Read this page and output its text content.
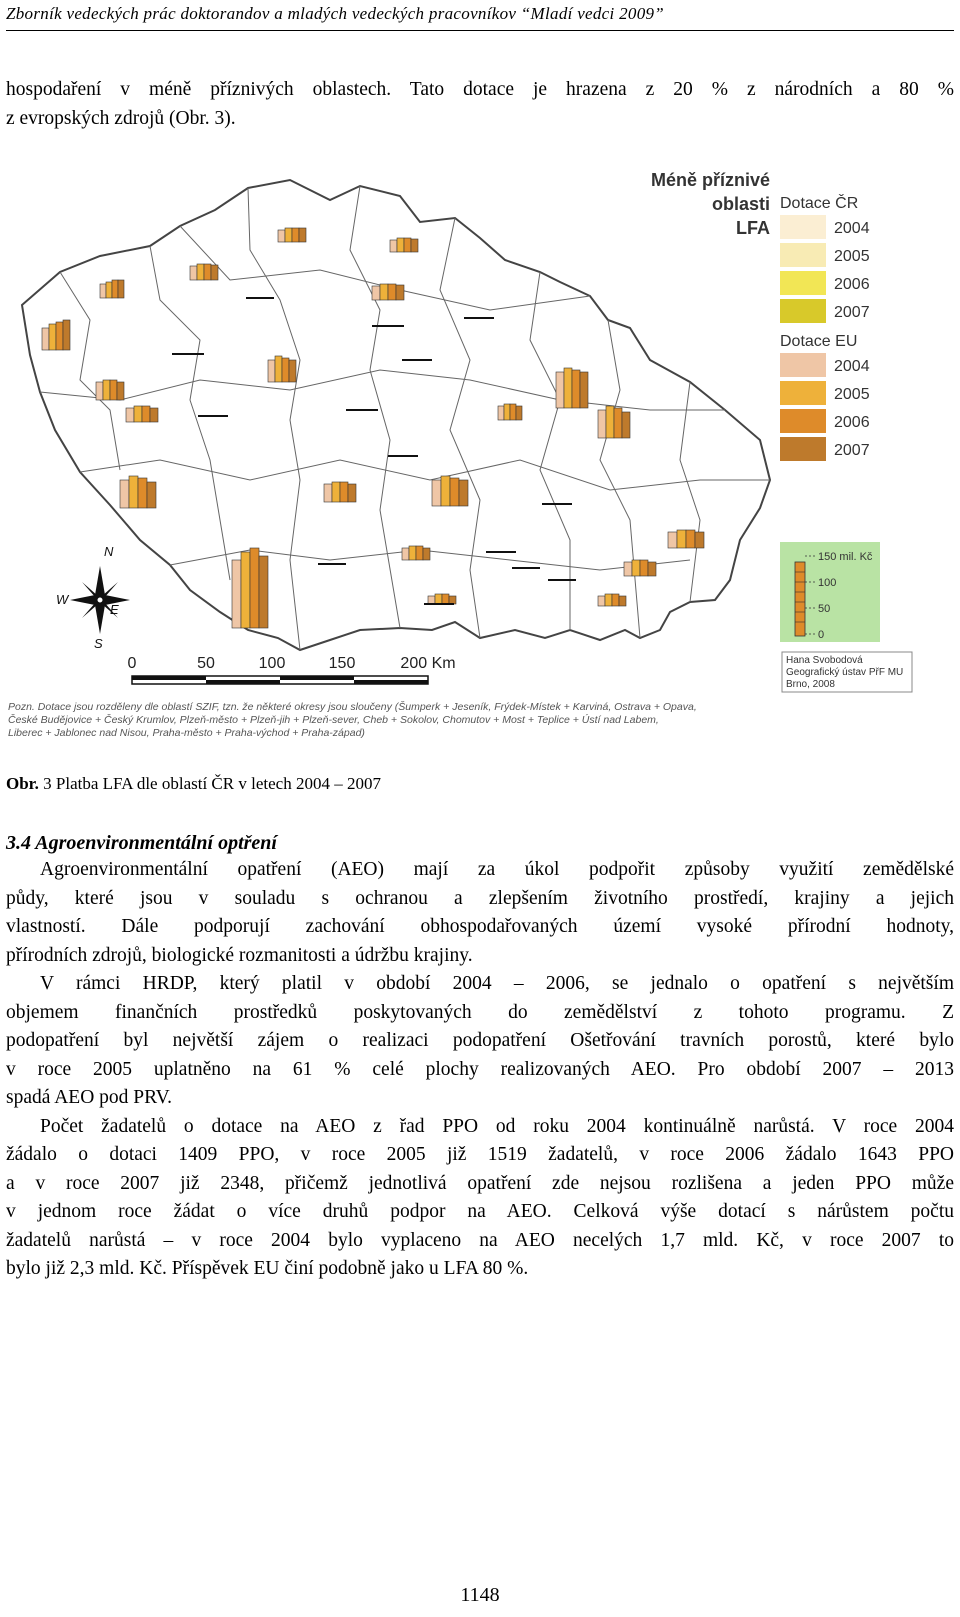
Zborník vedeckých prác doktorandov a mladých vedeckých pracovníkov “Mladí vedci 2009”
hospodaření v méně příznivých oblastech. Tato dotace je hrazena z 20 % z národních a 80 %
z evropských zdrojů (Obr. 3).
Méně příznivé
oblasti
LFA
Dotace ČR
2004
2005
2006
2007
Dotace EU
2004
2005
2006
2007
150 mil. Kč
100
50
0
Hana Svobodová
Geografický ústav PřF MU
Brno, 2008
N
S
E
W
0	50	100	150	200 Km
Pozn. Dotace jsou rozděleny dle oblastí SZIF, tzn. že některé okresy jsou sloučeny (Šumperk + Jeseník, Frýdek-Místek + Karviná, Ostrava + Opava,
České Budějovice + Český Krumlov, Plzeň-město + Plzeň-jih + Plzeň-sever, Cheb + Sokolov, Chomutov + Most + Teplice + Ústí nad Labem,
Liberec + Jablonec nad Nisou, Praha-město + Praha-východ + Praha-západ)
Obr. 3 Platba LFA dle oblastí ČR v letech 2004 – 2007
3.4 Agroenvironmentální optření
Agroenvironmentální opatření (AEO) mají za úkol podpořit způsoby využití zemědělské
půdy, které jsou v souladu s ochranou a zlepšením životního prostředí, krajiny a jejich
vlastností. Dále podporují zachování obhospodařovaných území vysoké přírodní hodnoty,
přírodních zdrojů, biologické rozmanitosti a údržbu krajiny.
V rámci HRDP, který platil v období 2004 – 2006, se jednalo o opatření s největším
objemem finančních prostředků poskytovaných do zemědělství z tohoto programu. Z
podopatření byl největší zájem o realizaci podopatření Ošetřování travních porostů, které bylo
v roce 2005 uplatněno na 61 % celé plochy realizovaných AEO. Pro období 2007 – 2013
spadá AEO pod PRV.
Počet žadatelů o dotace na AEO z řad PPO od roku 2004 kontinuálně narůstá. V roce 2004
žádalo o dotaci 1409 PPO, v roce 2005 již 1519 žadatelů, v roce 2006 žádalo 1643 PPO
a v roce 2007 již 2348, přičemž jednotlivá opatření zde nejsou rozlišena a jeden PPO může
v jednom roce žádat o více druhů podpor na AEO. Celková výše dotací s nárůstem počtu
žadatelů narůstá – v roce 2004 bylo vyplaceno na AEO necelých 1,7 mld. Kč, v roce 2007 to
bylo již 2,3 mld. Kč. Příspěvek EU činí podobně jako u LFA 80 %.
1148
